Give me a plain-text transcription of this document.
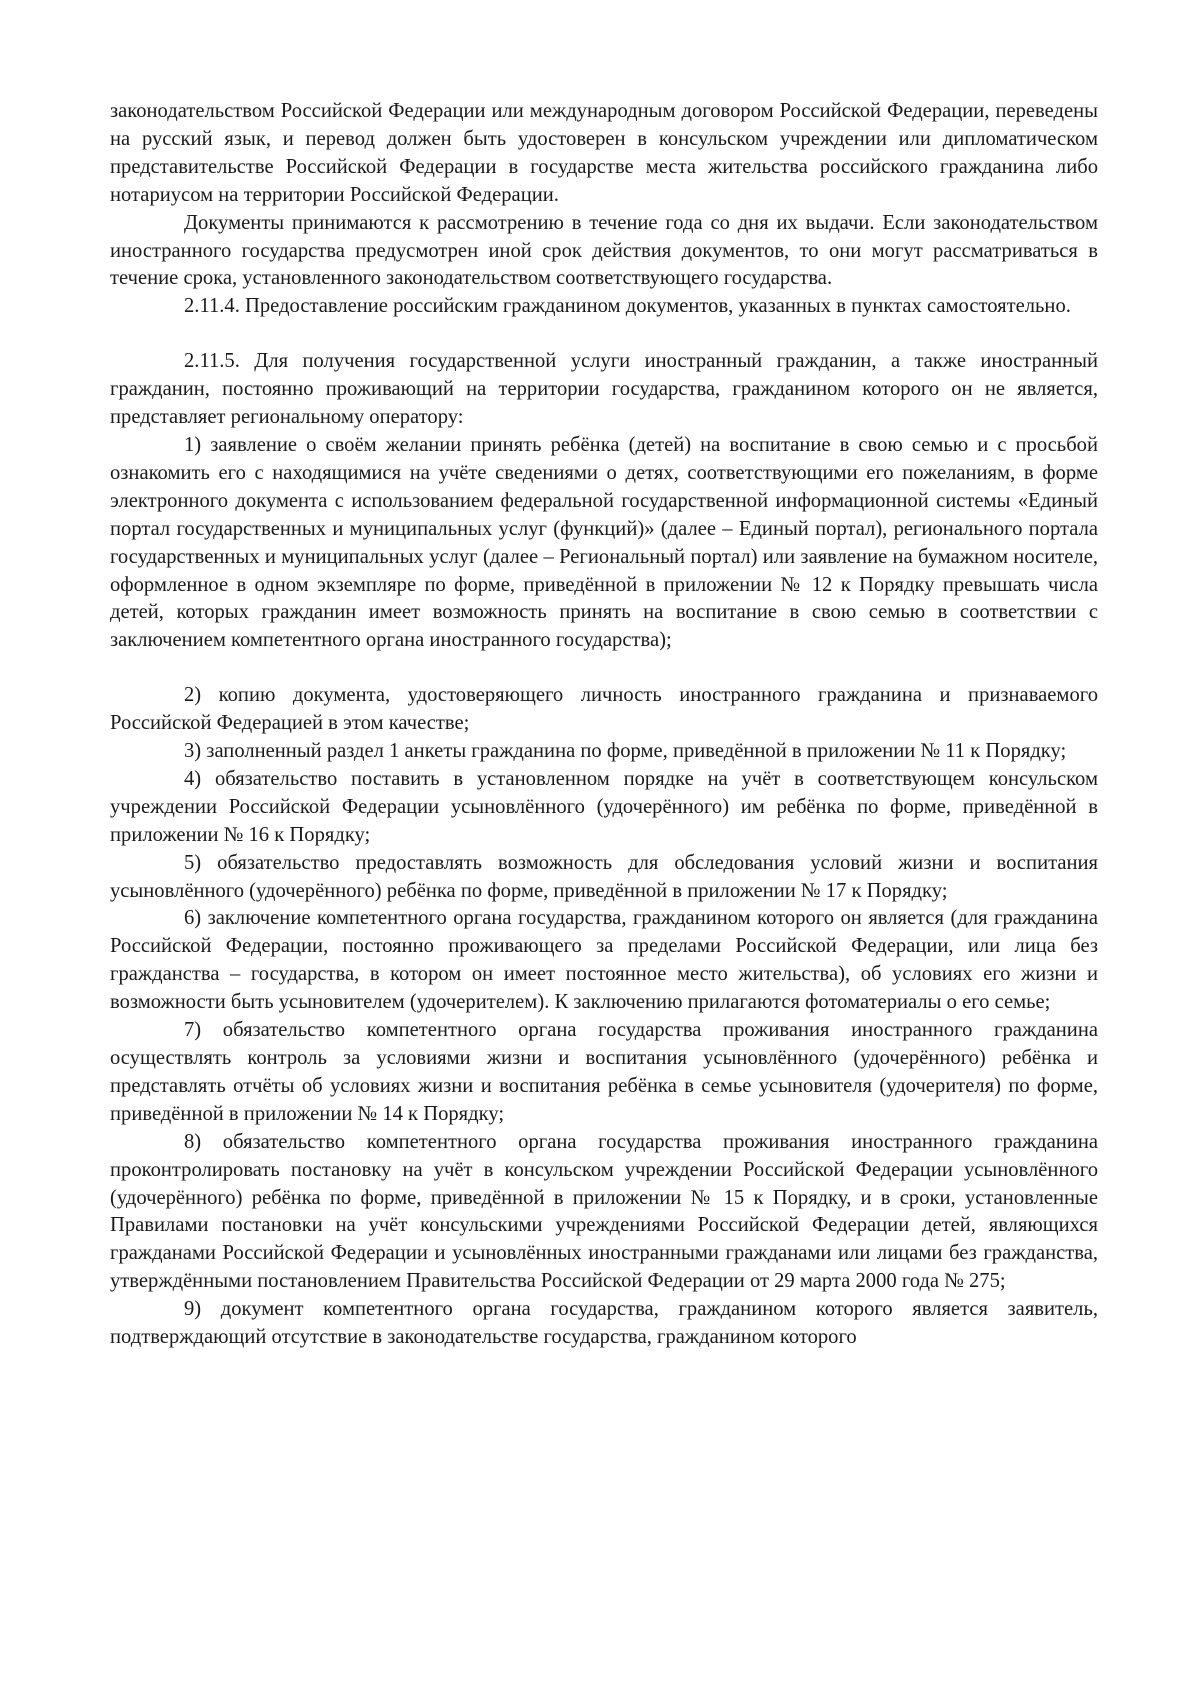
законодательством Российской Федерации или международным договором Российской Федерации, переведены на русский язык, и перевод должен быть удостоверен в консульском учреждении или дипломатическом представительстве Российской Федерации в государстве места жительства российского гражданина либо нотариусом на территории Российской Федерации.

Документы принимаются к рассмотрению в течение года со дня их выдачи. Если законодательством иностранного государства предусмотрен иной срок действия документов, то они могут рассматриваться в течение срока, установленного законодательством соответствующего государства.

2.11.4. Предоставление российским гражданином документов, указанных в пунктах самостоятельно.

2.11.5. Для получения государственной услуги иностранный гражданин, а также иностранный гражданин, постоянно проживающий на территории государства, гражданином которого он не является, представляет региональному оператору:

1) заявление о своём желании принять ребёнка (детей) на воспитание в свою семью и с просьбой ознакомить его с находящимися на учёте сведениями о детях, соответствующими его пожеланиям, в форме электронного документа с использованием федеральной государственной информационной системы «Единый портал государственных и муниципальных услуг (функций)» (далее – Единый портал), регионального портала государственных и муниципальных услуг (далее – Региональный портал) или заявление на бумажном носителе, оформленное в одном экземпляре по форме, приведённой в приложении № 12 к Порядку превышать числа детей, которых гражданин имеет возможность принять на воспитание в свою семью в соответствии с заключением компетентного органа иностранного государства);

2) копию документа, удостоверяющего личность иностранного гражданина и признаваемого Российской Федерацией в этом качестве;

3) заполненный раздел 1 анкеты гражданина по форме, приведённой в приложении № 11 к Порядку;

4) обязательство поставить в установленном порядке на учёт в соответствующем консульском учреждении Российской Федерации усыновлённого (удочерённого) им ребёнка по форме, приведённой в приложении № 16 к Порядку;

5) обязательство предоставлять возможность для обследования условий жизни и воспитания усыновлённого (удочерённого) ребёнка по форме, приведённой в приложении № 17 к Порядку;

6) заключение компетентного органа государства, гражданином которого он является (для гражданина Российской Федерации, постоянно проживающего за пределами Российской Федерации, или лица без гражданства – государства, в котором он имеет постоянное место жительства), об условиях его жизни и возможности быть усыновителем (удочерителем). К заключению прилагаются фотоматериалы о его семье;

7) обязательство компетентного органа государства проживания иностранного гражданина осуществлять контроль за условиями жизни и воспитания усыновлённого (удочерённого) ребёнка и представлять отчёты об условиях жизни и воспитания ребёнка в семье усыновителя (удочерителя) по форме, приведённой в приложении № 14 к Порядку;

8) обязательство компетентного органа государства проживания иностранного гражданина проконтролировать постановку на учёт в консульском учреждении Российской Федерации усыновлённого (удочерённого) ребёнка по форме, приведённой в приложении № 15 к Порядку, и в сроки, установленные Правилами постановки на учёт консульскими учреждениями Российской Федерации детей, являющихся гражданами Российской Федерации и усыновлённых иностранными гражданами или лицами без гражданства, утверждёнными постановлением Правительства Российской Федерации от 29 марта 2000 года № 275;

9) документ компетентного органа государства, гражданином которого является заявитель, подтверждающий отсутствие в законодательстве государства, гражданином которого
